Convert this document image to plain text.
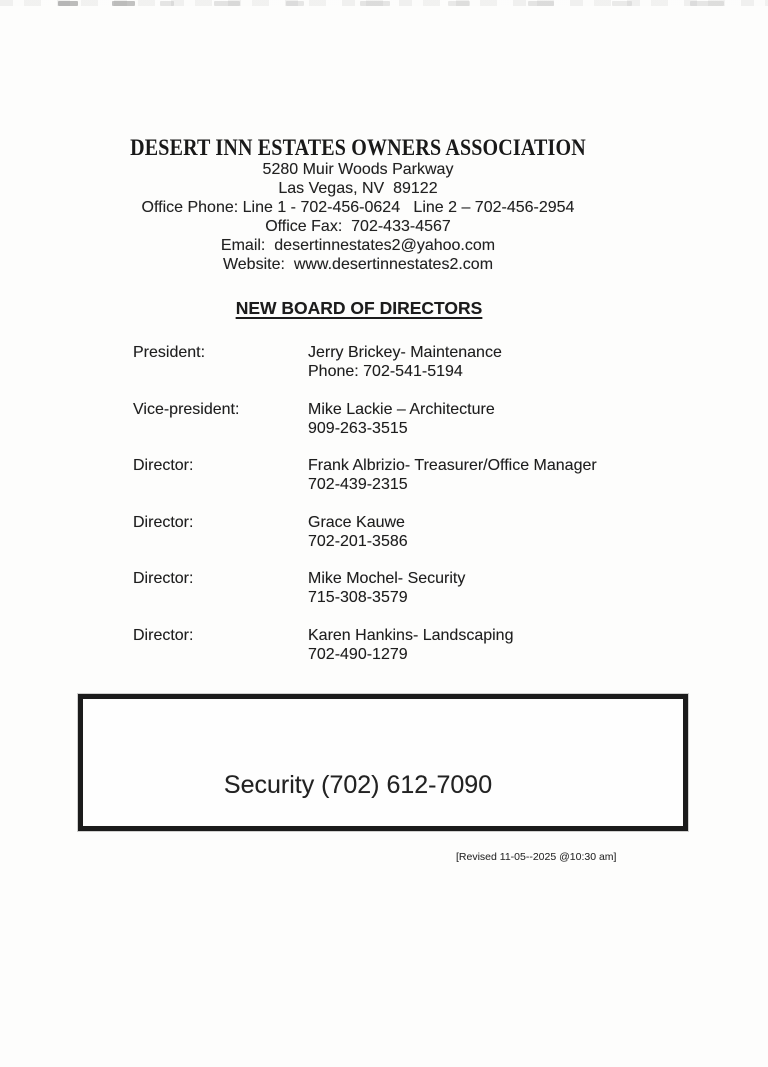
DESERT INN ESTATES OWNERS ASSOCIATION
5280 Muir Woods Parkway
Las Vegas, NV  89122
Office Phone: Line 1 - 702-456-0624   Line 2 – 702-456-2954
Office Fax:  702-433-4567
Email:  desertinnestates2@yahoo.com
Website:  www.desertinnestates2.com
NEW BOARD OF DIRECTORS
President:	Jerry Brickey- Maintenance
Phone: 702-541-5194
Vice-president:	Mike Lackie – Architecture
909-263-3515
Director:	Frank Albrizio- Treasurer/Office Manager
702-439-2315
Director:	Grace Kauwe
702-201-3586
Director:	Mike Mochel- Security
715-308-3579
Director:	Karen Hankins- Landscaping
702-490-1279
Security (702) 612-7090
[Revised 11-05--2025 @10:30 am]
